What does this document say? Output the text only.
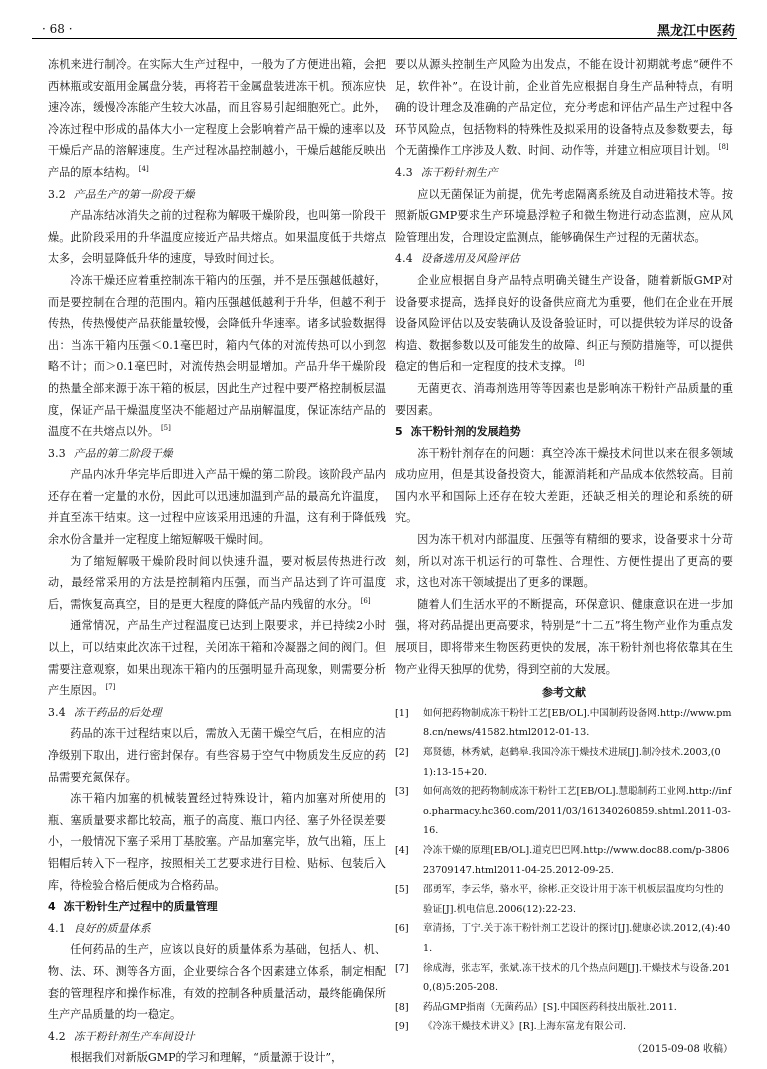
· 68 ·	黑龙江中医药

冻机来进行制冷。在实际大生产过程中，一般为了方便进出箱，会把西林瓶或安瓿用金属盘分装，再将若干金属盘装进冻干机。预冻应快速冷冻，缓慢冷冻能产生较大冰晶，而且容易引起细胞死亡。此外，冷冻过程中形成的晶体大小一定程度上会影响着产品干燥的速率以及干燥后产品的溶解速度。生产过程冰晶控制越小，干燥后越能反映出产品的原本结构。 [4]

3.2 产品生产的第一阶段干燥

产品冻结冰消失之前的过程称为解吸干燥阶段，也叫第一阶段干燥。此阶段采用的升华温度应接近产品共熔点。如果温度低于共熔点太多，会明显降低升华的速度，导致时间过长。

冷冻干燥还应着重控制冻干箱内的压强，并不是压强越低越好，而是要控制在合理的范围内。箱内压强越低越利于升华，但越不利于传热，传热慢使产品获能量较慢，会降低升华速率。诸多试验数据得出：当冻干箱内压强＜0.1毫巴时，箱内气体的对流传热可以小到忽略不计；而＞0.1毫巴时，对流传热会明显增加。产品升华干燥阶段的热量全部来源于冻干箱的板层，因此生产过程中要严格控制板层温度，保证产品干燥温度坚决不能超过产品崩解温度，保证冻结产品的温度不在共熔点以外。 [5]

3.3 产品的第二阶段干燥

产品内冰升华完毕后即进入产品干燥的第二阶段。该阶段产品内还存在着一定量的水份，因此可以迅速加温到产品的最高允许温度，并直至冻干结束。这一过程中应该采用迅速的升温，这有利于降低残余水份含量并一定程度上缩短解吸干燥时间。

为了缩短解吸干燥阶段时间以快速升温，要对板层传热进行改动，最经常采用的方法是控制箱内压强，而当产品达到了许可温度后，需恢复高真空，目的是更大程度的降低产品内残留的水分。 [6]

通常情况，产品生产过程温度已达到上限要求，并已持续2小时以上，可以结束此次冻干过程，关闭冻干箱和冷凝器之间的阀门。但需要注意观察，如果出现冻干箱内的压强明显升高现象，则需要分析产生原因。 [7]

3.4 冻干药品的后处理

药品的冻干过程结束以后，需放入无菌干燥空气后，在相应的洁净级别下取出，进行密封保存。有些容易于空气中物质发生反应的药品需要充氮保存。

冻干箱内加塞的机械装置经过特殊设计，箱内加塞对所使用的瓶、塞质量要求都比较高，瓶子的高度、瓶口内径、塞子外径误差要小，一般情况下塞子采用丁基胶塞。产品加塞完毕，放气出箱，压上铝帽后转入下一程序，按照相关工艺要求进行目检、贴标、包装后入库，待检验合格后便成为合格药品。

4 冻干粉针生产过程中的质量管理
4.1 良好的质量体系

任何药品的生产，应该以良好的质量体系为基础，包括人、机、物、法、环、测等各方面，企业要综合各个因素建立体系，制定相配套的管理程序和操作标准，有效的控制各种质量活动，最终能确保所生产产品质量的均一稳定。

4.2 冻干粉针剂生产车间设计

根据我们对新版GMP的学习和理解，“质量源于设计”，

要以从源头控制生产风险为出发点，不能在设计初期就考虑“硬件不足，软件补”。在设计前，企业首先应根据自身生产品种特点，有明确的设计理念及准确的产品定位，充分考虑和评估产品生产过程中各环节风险点，包括物料的特殊性及拟采用的设备特点及参数要去，每个无菌操作工序涉及人数、时间、动作等，并建立相应项目计划。 [8]

4.3 冻干粉针剂生产

应以无菌保证为前提，优先考虑隔离系统及自动进箱技术等。按照新版GMP要求生产环境悬浮粒子和微生物进行动态监测，应从风险管理出发，合理设定监测点，能够确保生产过程的无菌状态。

4.4 设备选用及风险评估

企业应根据自身产品特点明确关键生产设备，随着新版GMP对设备要求提高，选择良好的设备供应商尤为重要，他们在企业在开展设备风险评估以及安装确认及设备验证时，可以提供较为详尽的设备构造、数据参数以及可能发生的故障、纠正与预防措施等，可以提供稳定的售后和一定程度的技术支撑。 [8]

无菌更衣、消毒剂选用等等因素也是影响冻干粉针产品质量的重要因素。

5 冻干粉针剂的发展趋势

冻干粉针剂存在的问题：真空冷冻干燥技术问世以来在很多领域成功应用，但是其设备投资大，能源消耗和产品成本依然较高。目前国内水平和国际上还存在较大差距，还缺乏相关的理论和系统的研究。

因为冻干机对内部温度、压强等有精细的要求，设备要求十分苛刻，所以对冻干机运行的可靠性、合理性、方便性提出了更高的要求，这也对冻干领域提出了更多的课题。

随着人们生活水平的不断提高，环保意识、健康意识在进一步加强，将对药品提出更高要求，特别是“十二五”将生物产业作为重点发展项目，即将带来生物医药更快的发展，冻干粉针剂也将依靠其在生物产业得天独厚的优势，得到空前的大发展。

参考文献
[1]	如何把药物制成冻干粉针工艺[EB/OL].中国制药设备网.http://www.pm8.cn/news/41582.html2012-01-13.
[2]	郑贤德，林秀斌，赵鹤皋.我国冷冻干燥技术进展[J].制冷技术.2003,(01):13-15+20.
[3]	如何高效的把药物制成冻干粉针工艺[EB/OL].慧聪制药工业网.http://info.pharmacy.hc360.com/2011/03/161340260859.shtml.2011-03-16.
[4]	冷冻干燥的原理[EB/OL].道克巴巴网.http://www.doc88.com/p-380623709147.html2011-04-25.2012-09-25.
[5]	邵勇军，李云华，骆水平，徐彬.正交设计用于冻干机板层温度均匀性的验证[J].机电信息.2006(12):22-23.
[6]	章清扬，丁宁.关于冻干粉针剂工艺设计的探讨[J].健康必读.2012,(4):401.
[7]	徐成海，张志军，张斌.冻干技术的几个热点问题[J].干燥技术与设备.2010,(8)5:205-208.
[8]	药品GMP指南（无菌药品）[S].中国医药科技出版社.2011.
[9]	《冷冻干燥技术讲义》[R].上海东富龙有限公司.
（2015-09-08 收稿）
